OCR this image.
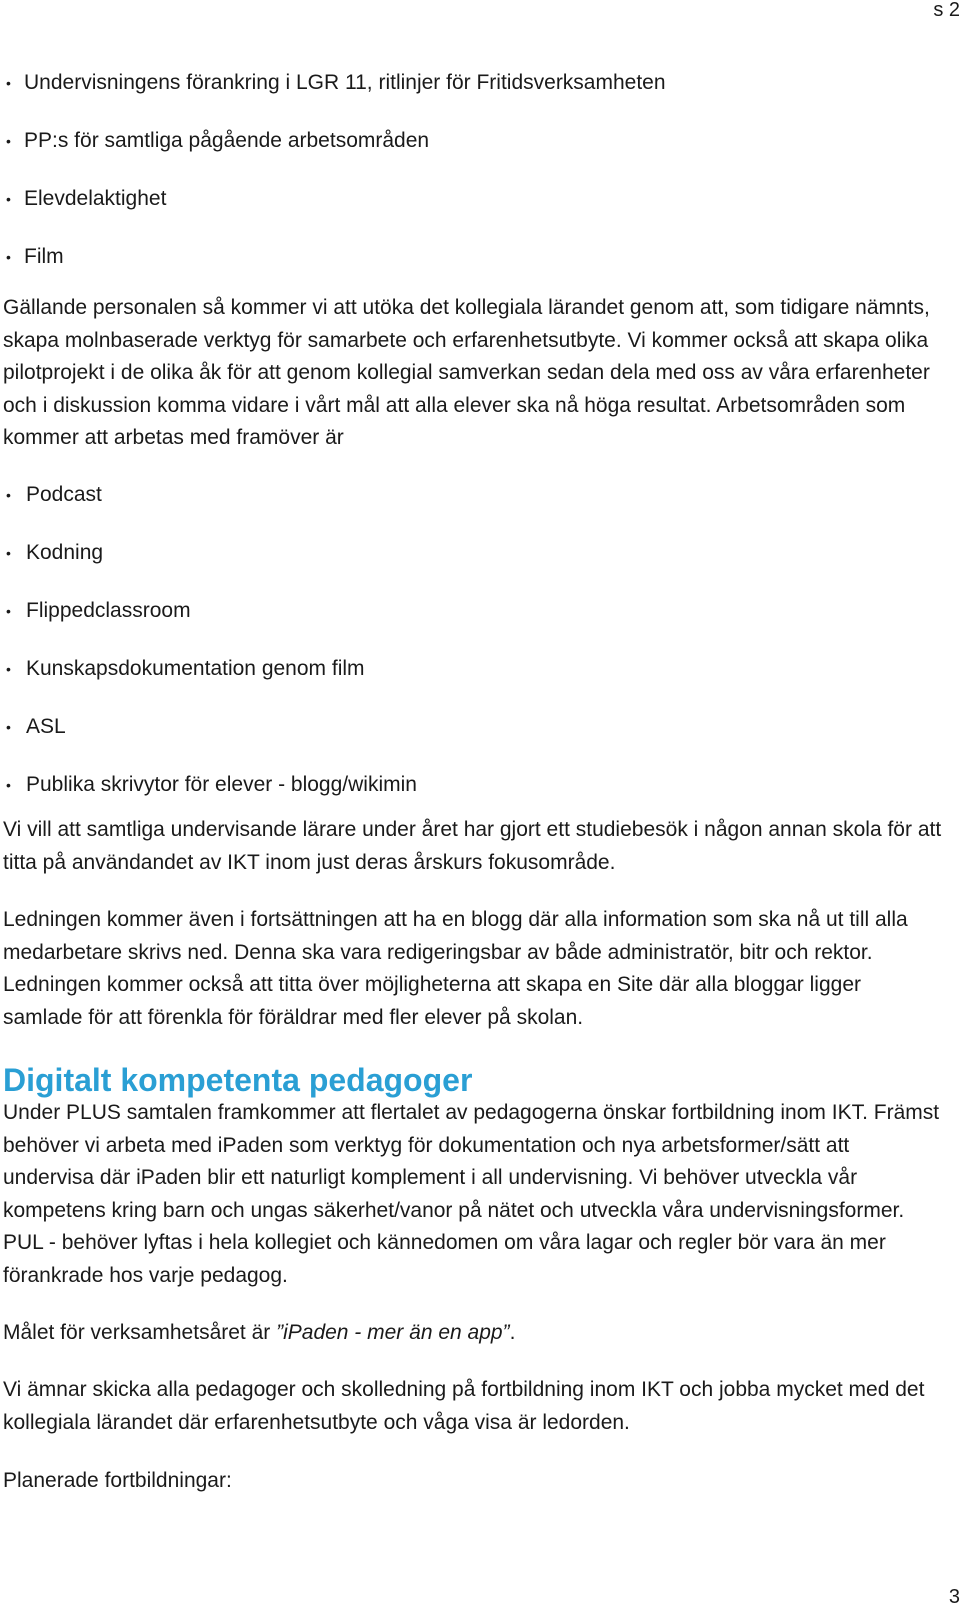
s 2
• Undervisningens förankring i LGR 11, ritlinjer för Fritidsverksamheten
• PP:s för samtliga pågående arbetsområden
• Elevdelaktighet
• Film

Gällande personalen så kommer vi att utöka det kollegiala lärandet genom att, som tidigare nämnts, skapa molnbaserade verktyg för samarbete och erfarenhetsutbyte. Vi kommer också att skapa olika pilotprojekt i de olika åk för att genom kollegial samverkan sedan dela med oss av våra erfarenheter och i diskussion komma vidare i vårt mål att alla elever ska nå höga resultat. Arbetsområden som kommer att arbetas med framöver är

• Podcast
• Kodning
• Flippedclassroom
• Kunskapsdokumentation genom film
• ASL
• Publika skrivytor för elever - blogg/wikimin

Vi vill att samtliga undervisande lärare under året har gjort ett studiebesök i någon annan skola för att titta på användandet av IKT inom just deras årskurs fokusområde.

Ledningen kommer även i fortsättningen att ha en blogg där alla information som ska nå ut till alla medarbetare skrivs ned. Denna ska vara redigeringsbar av både administratör, bitr och rektor. Ledningen kommer också att titta över möjligheterna att skapa en Site där alla bloggar ligger samlade för att förenkla för föräldrar med fler elever på skolan.

Digitalt kompetenta pedagoger

Under PLUS samtalen framkommer att flertalet av pedagogerna önskar fortbildning inom IKT. Främst behöver vi arbeta med iPaden som verktyg för dokumentation och nya arbetsformer/sätt att undervisa där iPaden blir ett naturligt komplement i all undervisning. Vi behöver utveckla vår kompetens kring barn och ungas säkerhet/vanor på nätet och utveckla våra undervisningsformer. PUL - behöver lyftas i hela kollegiet och kännedomen om våra lagar och regler bör vara än mer förankrade hos varje pedagog.

Målet för verksamhetsåret är ”iPaden - mer än en app”.

Vi ämnar skicka alla pedagoger och skolledning på fortbildning inom IKT och jobba mycket med det kollegiala lärandet där erfarenhetsutbyte och våga visa är ledorden.

Planerade fortbildningar:

3
